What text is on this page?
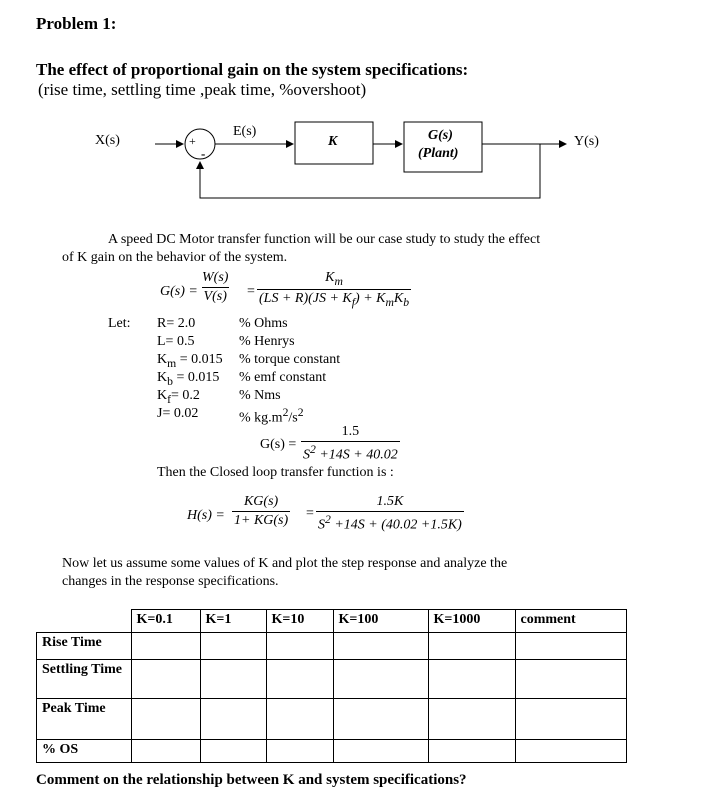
Problem 1:
The effect of proportional gain on the system specifications:
(rise time, settling time ,peak time, %overshoot)
X(s)
E(s)
+
-
K	G(s)
(Plant)
Y(s)
A speed DC Motor transfer function will be our case study to study the effect
of K gain on the behavior of the system.
$G(s) = \frac{W(s)}{V(s)}$ =
$K_m$
$(LS + R)(JS + K_f) + K_mK_b$
Let: R= 2.0	% Ohms
L= 0.5	% Henrys
$K_m = 0.015$ % torque constant
$K_b = 0.015$ % emf constant
$K_f= 0.2$	% Nms
J= 0.02	% $kg.m^2/s^2$
$G(s) = \frac{1.5}{S^2 +14S + 40.02}$
Then the Closed loop transfer function is :
$H(s) = \frac{KG(s)}{1+ KG(s)} = \frac{1.5K}{S^2 +14S + (40.02 +1.5K)}$
Now let us assume some values of K and plot the step response and analyze the
changes in the response specifications.
	K=0.1	K=1	K=10	K=100	K=1000	comment
Rise Time						
Settling Time						
Peak Time						
% OS						
Comment on the relationship between K and system specifications?
